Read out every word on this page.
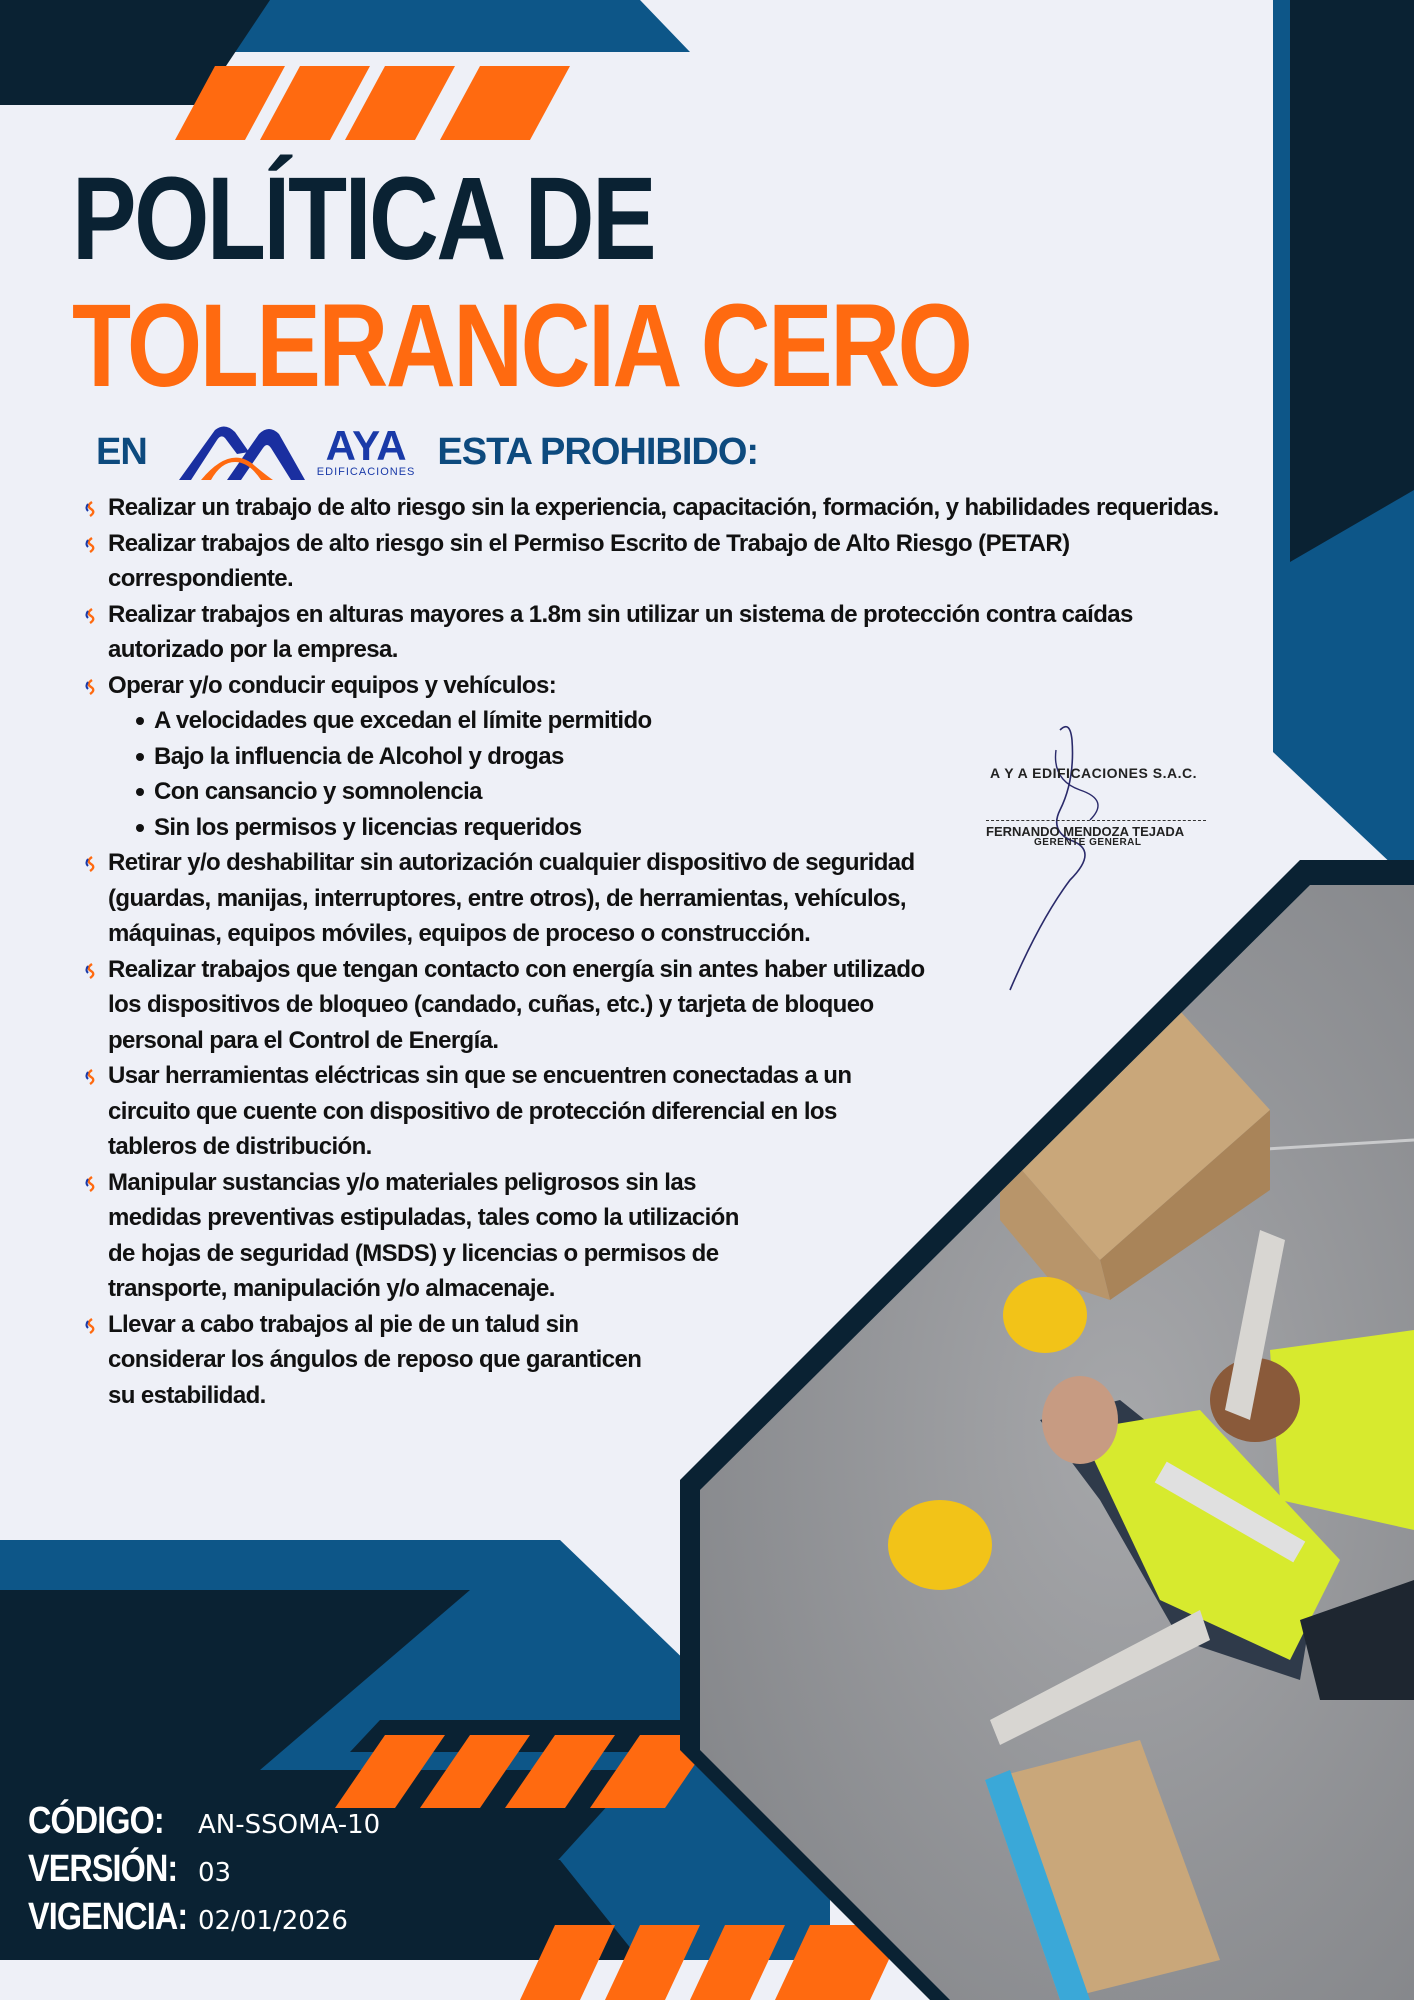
POLÍTICA DE
TOLERANCIA CERO
EN	AYA
EDIFICACIONES ESTA PROHIBIDO:
Realizar un trabajo de alto riesgo sin la experiencia, capacitación, formación, y habilidades requeridas.
Realizar trabajos de alto riesgo sin el Permiso Escrito de Trabajo de Alto Riesgo (PETAR) correspondiente.
Realizar trabajos en alturas mayores a 1.8m sin utilizar un sistema de protección contra caídas autorizado por la empresa.
Operar y/o conducir equipos y vehículos:
A velocidades que excedan el límite permitido
Bajo la influencia de Alcohol y drogas
Con cansancio y somnolencia
Sin los permisos y licencias requeridos
Retirar y/o deshabilitar sin autorización cualquier dispositivo de seguridad (guardas, manijas, interruptores, entre otros), de herramientas, vehículos, máquinas, equipos móviles, equipos de proceso o construcción.
Realizar trabajos que tengan contacto con energía sin antes haber utilizado los dispositivos de bloqueo (candado, cuñas, etc.) y tarjeta de bloqueo personal para el Control de Energía.
Usar herramientas eléctricas sin que se encuentren conectadas a un circuito que cuente con dispositivo de protección diferencial en los tableros de distribución.
Manipular sustancias y/o materiales peligrosos sin las medidas preventivas estipuladas, tales como la utilización de hojas de seguridad (MSDS) y licencias o permisos de transporte, manipulación y/o almacenaje.
Llevar a cabo trabajos al pie de un talud sin considerar los ángulos de reposo que garanticen su estabilidad.
A Y A EDIFICACIONES S.A.C.
FERNANDO MENDOZA TEJADA
GERENTE GENERAL
CÓDIGO: AN-SSOMA-10
VERSIÓN: 03
VIGENCIA: 02/01/2026
